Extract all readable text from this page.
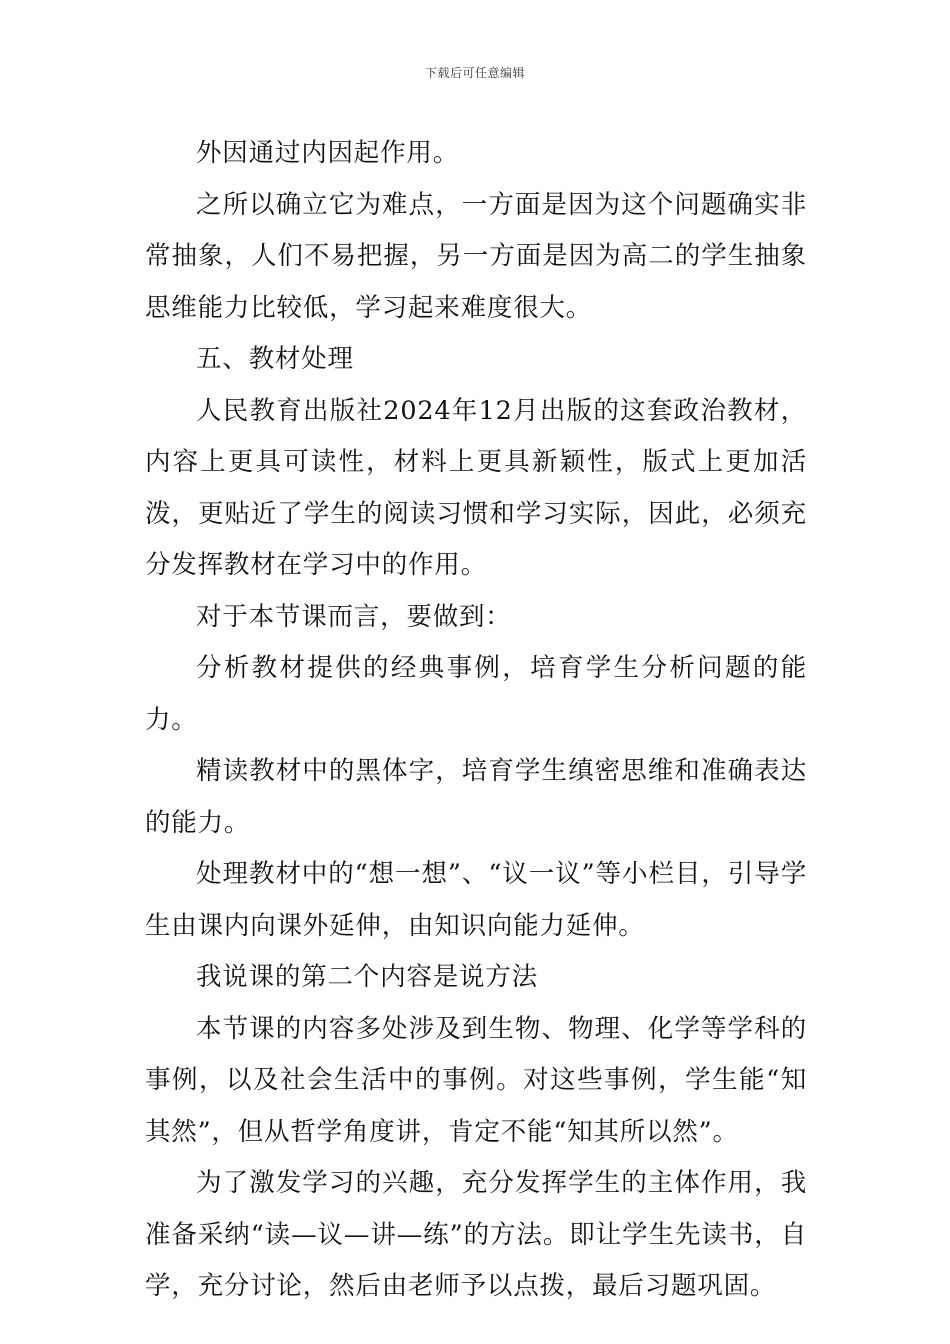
下载后可任意编辑

外因通过内因起作用。

之所以确立它为难点，一方面是因为这个问题确实非常抽象，人们不易把握，另一方面是因为高二的学生抽象思维能力比较低，学习起来难度很大。

五、教材处理

人民教育出版社2024年12月出版的这套政治教材，内容上更具可读性，材料上更具新颖性，版式上更加活泼，更贴近了学生的阅读习惯和学习实际，因此，必须充分发挥教材在学习中的作用。

对于本节课而言，要做到：

分析教材提供的经典事例，培育学生分析问题的能力。

精读教材中的黑体字，培育学生缜密思维和准确表达的能力。

处理教材中的“想一想”、“议一议”等小栏目，引导学生由课内向课外延伸，由知识向能力延伸。

我说课的第二个内容是说方法

本节课的内容多处涉及到生物、物理、化学等学科的事例，以及社会生活中的事例。对这些事例，学生能“知其然”，但从哲学角度讲，肯定不能“知其所以然”。

为了激发学习的兴趣，充分发挥学生的主体作用，我准备采纳“读—议—讲—练”的方法。即让学生先读书，自学，充分讨论，然后由老师予以点拨，最后习题巩固。
